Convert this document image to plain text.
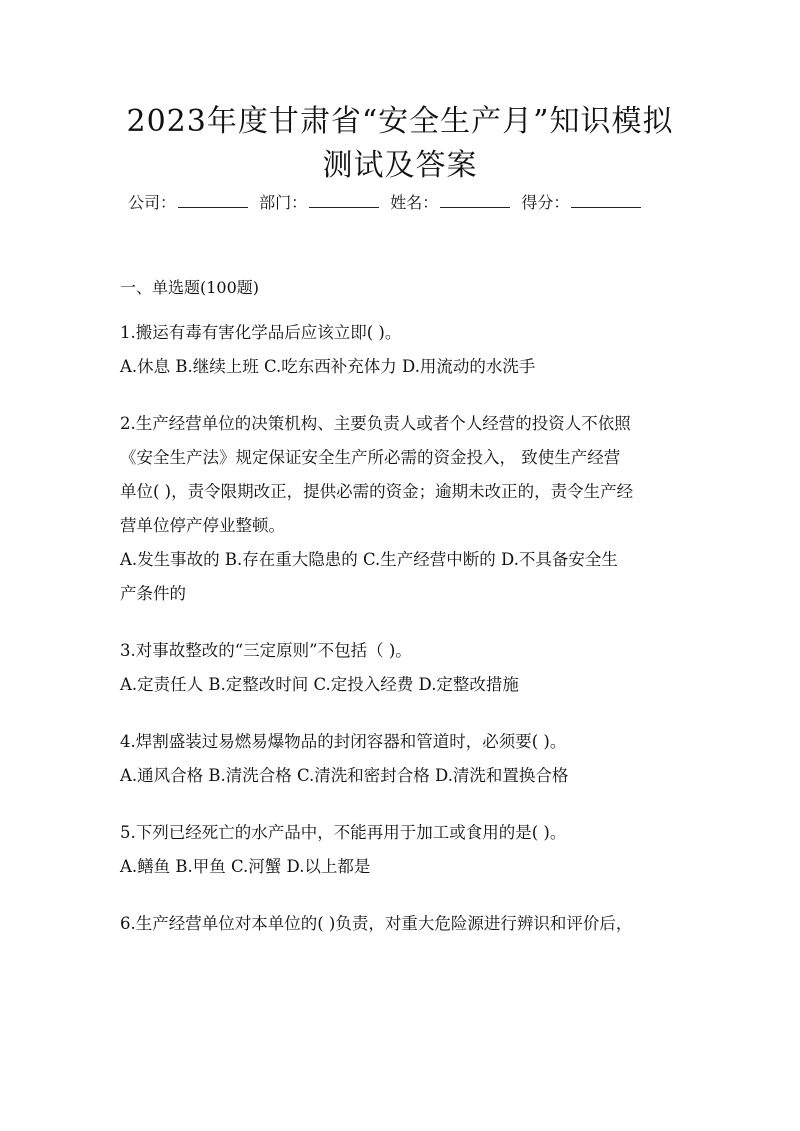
2023年度甘肃省“安全生产月”知识模拟
测试及答案
公司：	部门：	姓名：	得分：
一、单选题(100题)
1.搬运有毒有害化学品后应该立即( )。
A.休息 B.继续上班 C.吃东西补充体力 D.用流动的水洗手
2.生产经营单位的决策机构、主要负责人或者个人经营的投资人不依照
《安全生产法》规定保证安全生产所必需的资金投入， 致使生产经营
单位( )，责令限期改正，提供必需的资金；逾期未改正的，责令生产经
营单位停产停业整顿。
A.发生事故的 B.存在重大隐患的 C.生产经营中断的 D.不具备安全生
产条件的
3.对事故整改的“三定原则”不包括（ )。
A.定责任人 B.定整改时间 C.定投入经费 D.定整改措施
4.焊割盛装过易燃易爆物品的封闭容器和管道时，必须要( )。
A.通风合格 B.清洗合格 C.清洗和密封合格 D.清洗和置换合格
5.下列已经死亡的水产品中，不能再用于加工或食用的是( )。
A.鳝鱼 B.甲鱼 C.河蟹 D.以上都是
6.生产经营单位对本单位的( )负责，对重大危险源进行辨识和评价后，
